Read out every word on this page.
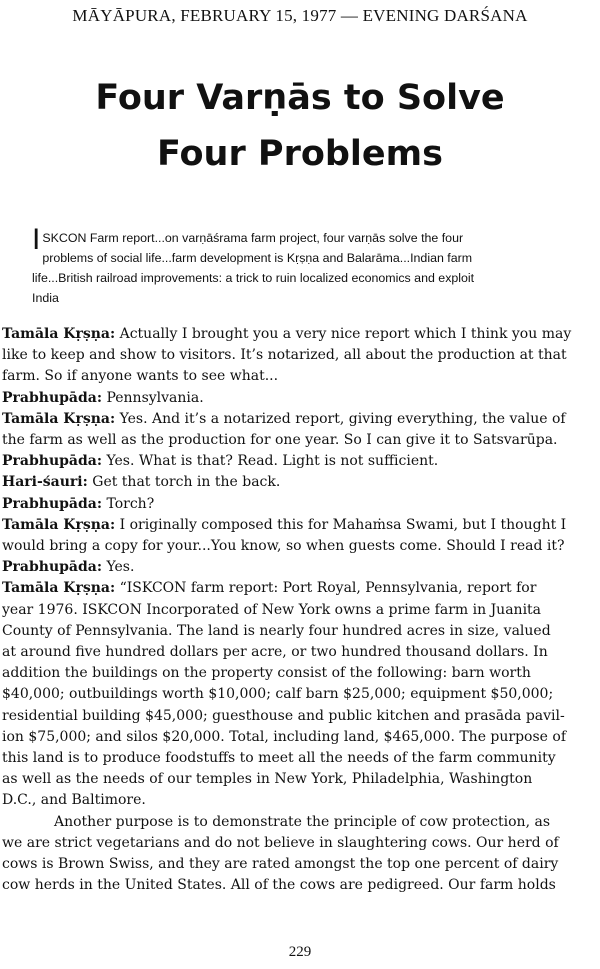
MĀYĀPURA, FEBRUARY 15, 1977 — EVENING DARŚANA
Four Varṇās to Solve
Four Problems
I SKCON Farm report...on varṇāśrama farm project, four varṇās solve the four
problems of social life...farm development is Kṛṣṇa and Balarāma...Indian farm
life...British railroad improvements: a trick to ruin localized economics and exploit
India
Tamāla Kṛṣṇa: Actually I brought you a very nice report which I think you may
like to keep and show to visitors. It’s notarized, all about the production at that
farm. So if anyone wants to see what...
Prabhupāda: Pennsylvania.
Tamāla Kṛṣṇa: Yes. And it’s a notarized report, giving everything, the value of
the farm as well as the production for one year. So I can give it to Satsvarūpa.
Prabhupāda: Yes. What is that? Read. Light is not sufficient.
Hari-śauri: Get that torch in the back.
Prabhupāda: Torch?
Tamāla Kṛṣṇa: I originally composed this for Mahaṁsa Swami, but I thought I
would bring a copy for your...You know, so when guests come. Should I read it?
Prabhupāda: Yes.
Tamāla Kṛṣṇa: “ISKCON farm report: Port Royal, Pennsylvania, report for
year 1976. ISKCON Incorporated of New York owns a prime farm in Juanita
County of Pennsylvania. The land is nearly four hundred acres in size, valued
at around five hundred dollars per acre, or two hundred thousand dollars. In
addition the buildings on the property consist of the following: barn worth
$40,000; outbuildings worth $10,000; calf barn $25,000; equipment $50,000;
residential building $45,000; guesthouse and public kitchen and prasāda pavil-
ion $75,000; and silos $20,000. Total, including land, $465,000. The purpose of
this land is to produce foodstuffs to meet all the needs of the farm community
as well as the needs of our temples in New York, Philadelphia, Washington
D.C., and Baltimore.
Another purpose is to demonstrate the principle of cow protection, as
we are strict vegetarians and do not believe in slaughtering cows. Our herd of
cows is Brown Swiss, and they are rated amongst the top one percent of dairy
cow herds in the United States. All of the cows are pedigreed. Our farm holds
229
